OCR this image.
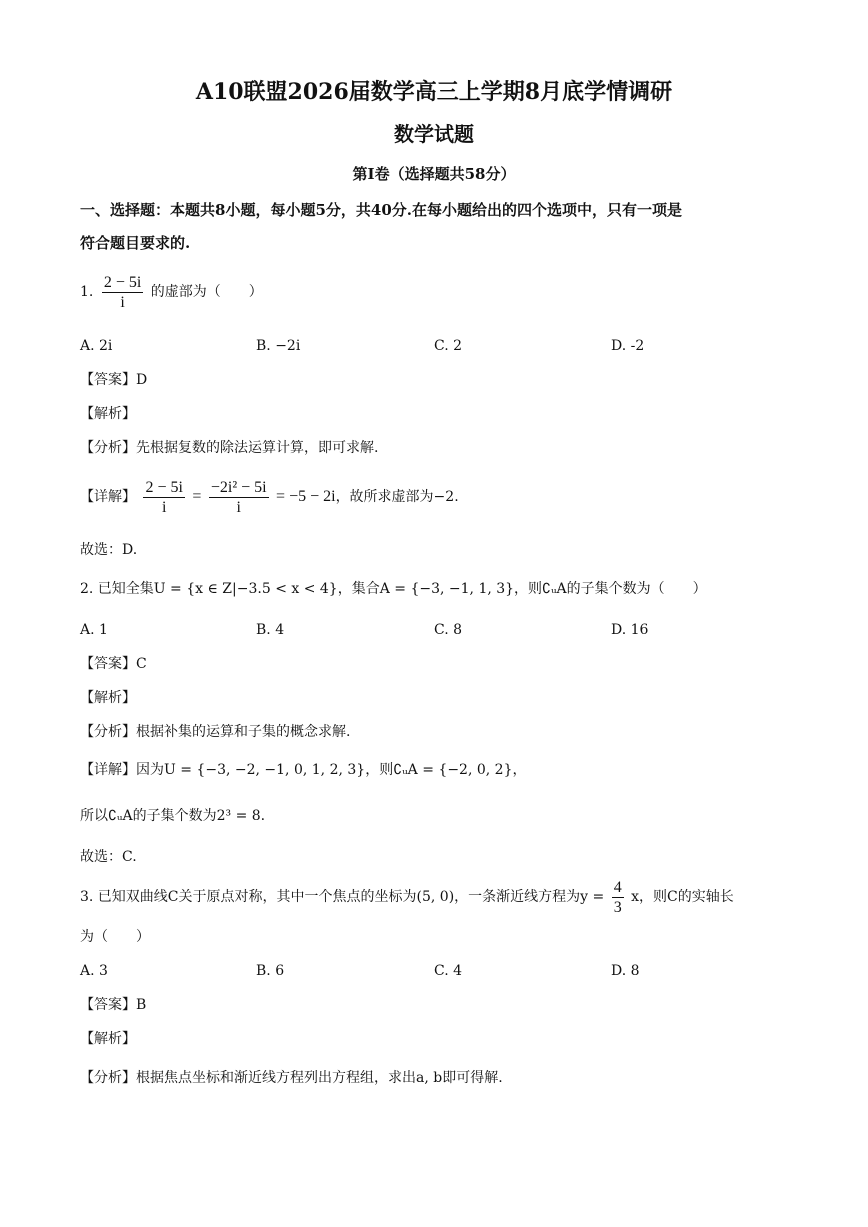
A10联盟2026届数学高三上学期8月底学情调研
数学试题
第I卷（选择题共58分）
一、选择题：本题共8小题，每小题5分，共40分.在每小题给出的四个选项中，只有一项是
符合题目要求的.
1. $\frac{2 - 5i}{i}$ 的虚部为（　　）
A. 2i	B. −2i	C. 2	D. -2
【答案】D
【解析】
【分析】先根据复数的除法运算计算，即可求解.
【详解】 $\frac{2 - 5i}{i} = \frac{\text{−2i² − 5i}}{i} = -5 - 2i$，故所求虚部为−2.
故选：D.
2. 已知全集U = {x ∈ Z|−3.5 < x < 4}，集合A = {−3, −1, 1, 3}，则∁ᵤA的子集个数为（　　）
A. 1	B. 4	C. 8	D. 16
【答案】C
【解析】
【分析】根据补集的运算和子集的概念求解.
【详解】因为U = {−3, −2, −1, 0, 1, 2, 3}，则∁ᵤA = {−2, 0, 2}，
所以∁ᵤA的子集个数为2³ = 8.
故选：C.
3. 已知双曲线C关于原点对称，其中一个焦点的坐标为(5, 0)，一条渐近线方程为$y = \frac{4}{3}$ x，则C的实轴长
为（　　）
A. 3	B. 6	C. 4	D. 8
【答案】B
【解析】
【分析】根据焦点坐标和渐近线方程列出方程组，求出a, b即可得解.
